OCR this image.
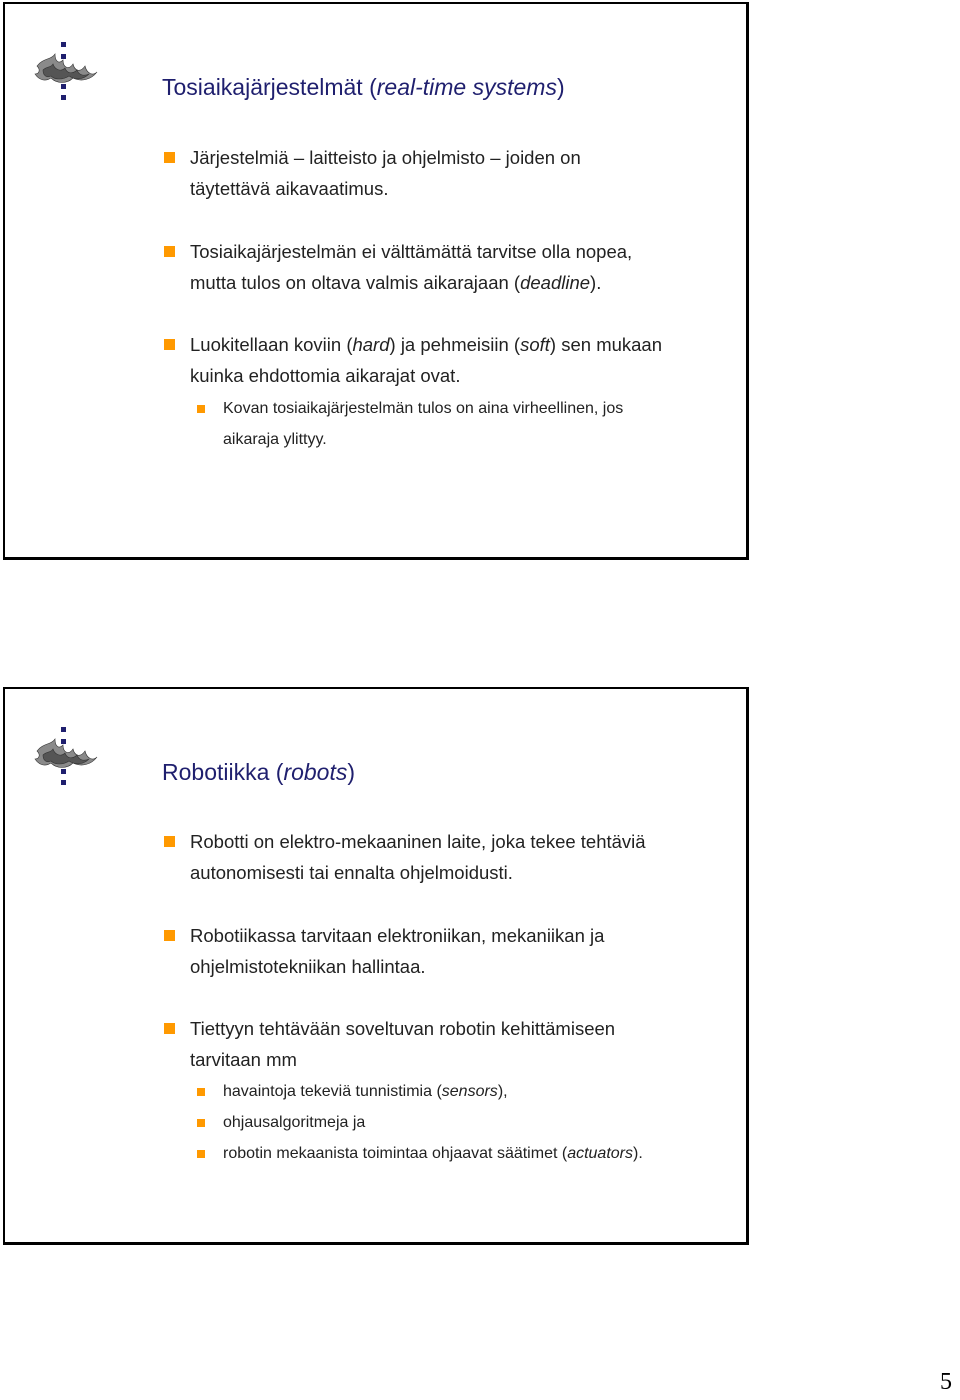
Tosiaikajärjestelmät (real-time systems)
Järjestelmiä – laitteisto ja ohjelmisto – joiden on
täytettävä aikavaatimus.
Tosiaikajärjestelmän ei välttämättä tarvitse olla nopea,
mutta tulos on oltava valmis aikarajaan (deadline).
Luokitellaan koviin (hard) ja pehmeisiin (soft) sen mukaan
kuinka ehdottomia aikarajat ovat.
Kovan tosiaikajärjestelmän tulos on aina virheellinen, jos
aikaraja ylittyy.
Robotiikka (robots)
Robotti on elektro-mekaaninen laite, joka tekee tehtäviä
autonomisesti tai ennalta ohjelmoidusti.
Robotiikassa tarvitaan elektroniikan, mekaniikan ja
ohjelmistotekniikan hallintaa.
Tiettyyn tehtävään soveltuvan robotin kehittämiseen
tarvitaan mm
havaintoja tekeviä tunnistimia (sensors),
ohjausalgoritmeja ja
robotin mekaanista toimintaa ohjaavat säätimet (actuators).
5
